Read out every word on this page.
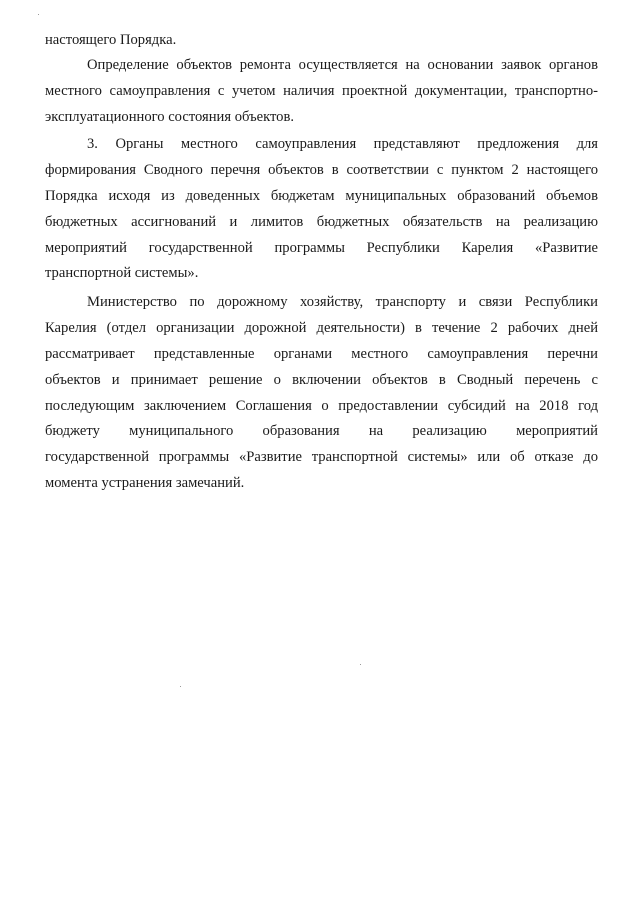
настоящего Порядка.
Определение объектов ремонта осуществляется на основании заявок органов
местного самоуправления с учетом наличия проектной документации, транспортно-
эксплуатационного состояния объектов.
3. Органы местного самоуправления представляют предложения для
формирования Сводного перечня объектов в соответствии с пунктом 2 настоящего
Порядка исходя из доведенных бюджетам муниципальных образований объемов
бюджетных ассигнований и лимитов бюджетных обязательств на реализацию
мероприятий государственной программы Республики Карелия «Развитие
транспортной системы».
Министерство по дорожному хозяйству, транспорту и связи Республики
Карелия (отдел организации дорожной деятельности) в течение 2 рабочих дней
рассматривает представленные органами местного самоуправления перечни
объектов и принимает решение о включении объектов в Сводный перечень с
последующим заключением Соглашения о предоставлении субсидий на 2018 год
бюджету муниципального образования на реализацию мероприятий
государственной программы «Развитие транспортной системы» или об отказе до
момента устранения замечаний.
